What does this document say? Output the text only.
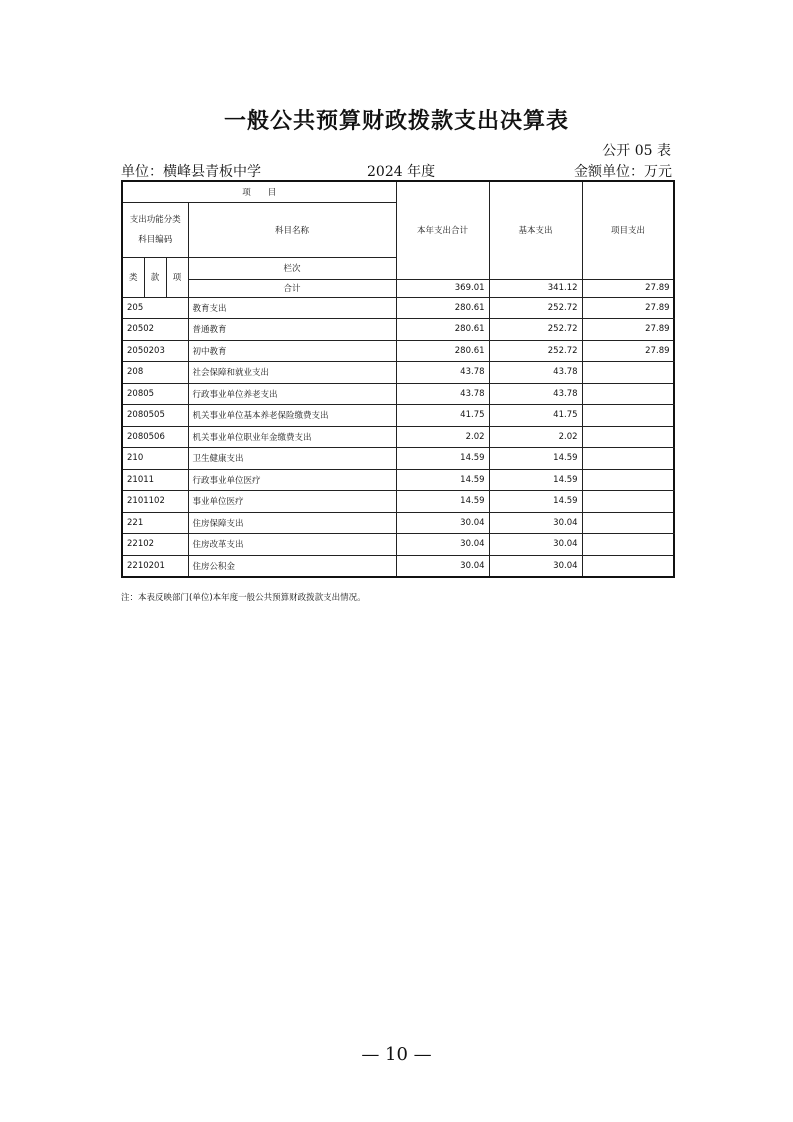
一般公共预算财政拨款支出决算表
公开 05 表
单位：横峰县青板中学	2024 年度	金额单位：万元
项　　目				本年支出合计	基本支出	项目支出	
支出功能分类
科目编码			科目名称				
类	款	项	栏次			
			合计	369.01	341.12	27.89	
205			教育支出	280.61	252.72	27.89	
20502			普通教育	280.61	252.72	27.89	
2050203			初中教育	280.61	252.72	27.89	
208			社会保障和就业支出	43.78	43.78		
20805			行政事业单位养老支出	43.78	43.78		
2080505			机关事业单位基本养老保险缴费支出	41.75	41.75		
2080506			机关事业单位职业年金缴费支出	2.02	2.02		
210			卫生健康支出	14.59	14.59		
21011			行政事业单位医疗	14.59	14.59		
2101102			事业单位医疗	14.59	14.59		
221			住房保障支出	30.04	30.04		
22102			住房改革支出	30.04	30.04		
2210201			住房公积金	30.04	30.04		
注：本表反映部门(单位)本年度一般公共预算财政拨款支出情况。
— 10 —
